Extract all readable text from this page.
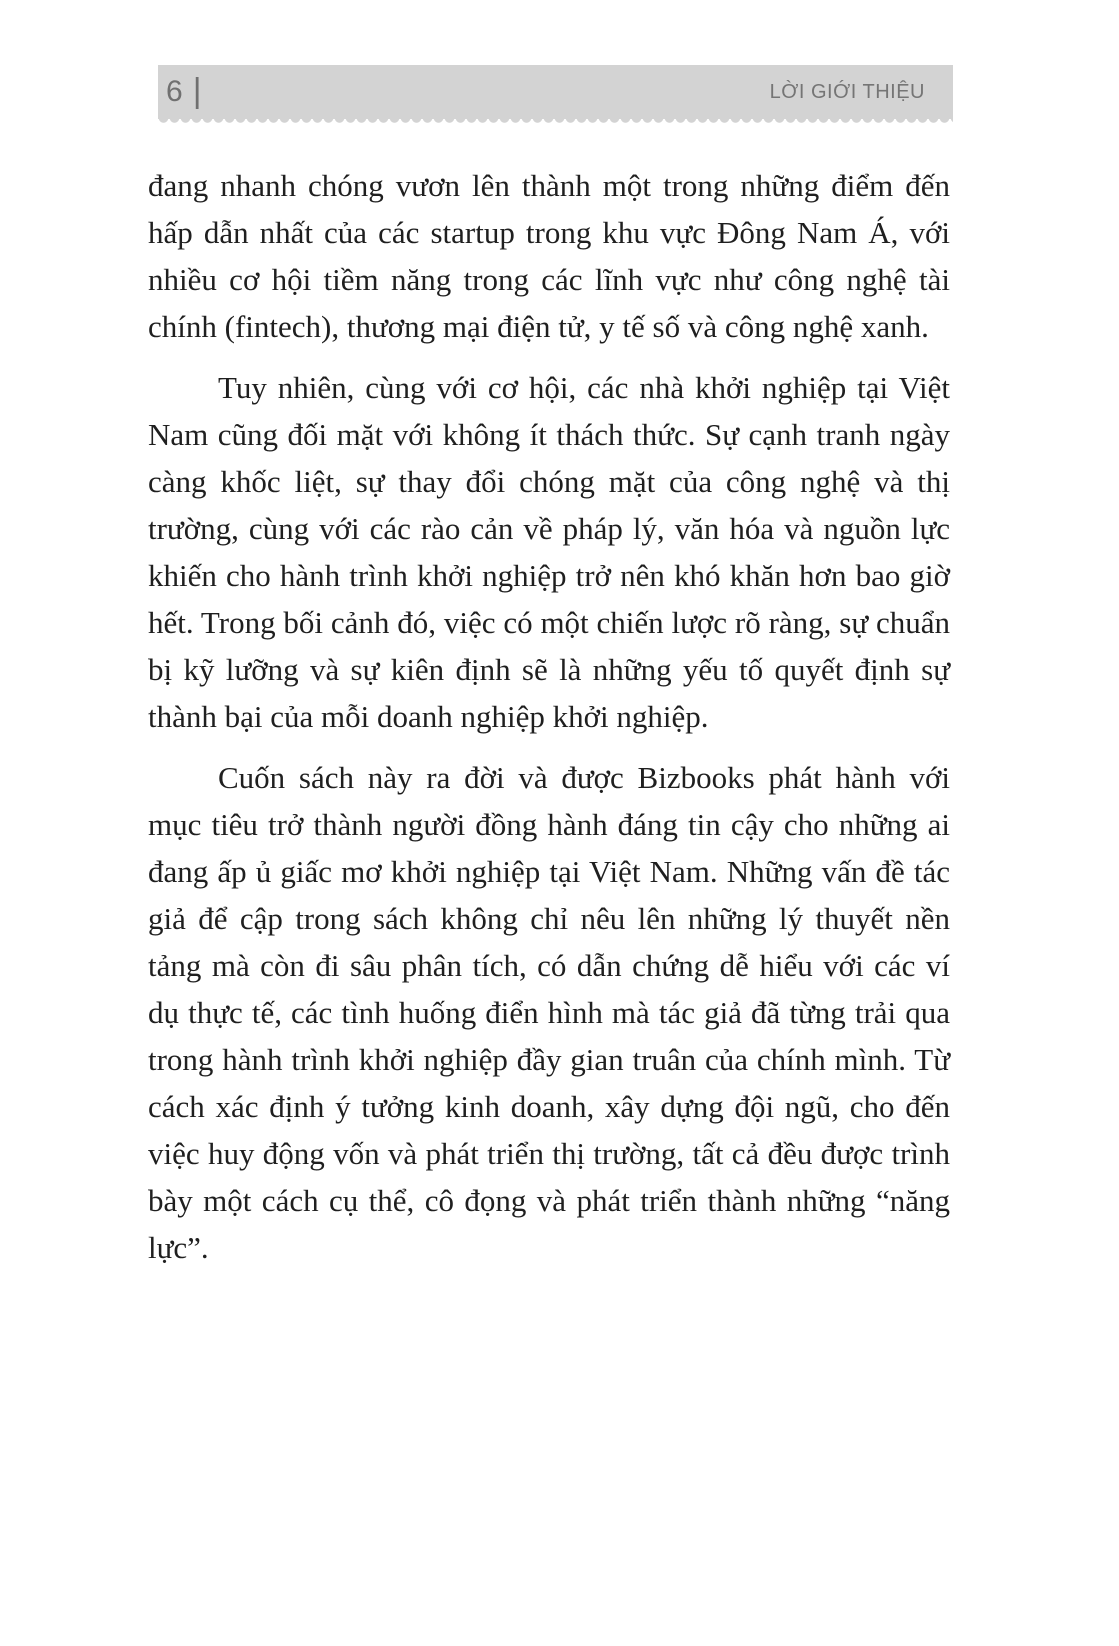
6 |	LỜI GIỚI THIỆU

đang nhanh chóng vươn lên thành một trong những điểm đến hấp dẫn nhất của các startup trong khu vực Đông Nam Á, với nhiều cơ hội tiềm năng trong các lĩnh vực như công nghệ tài chính (fintech), thương mại điện tử, y tế số và công nghệ xanh.

Tuy nhiên, cùng với cơ hội, các nhà khởi nghiệp tại Việt Nam cũng đối mặt với không ít thách thức. Sự cạnh tranh ngày càng khốc liệt, sự thay đổi chóng mặt của công nghệ và thị trường, cùng với các rào cản về pháp lý, văn hóa và nguồn lực khiến cho hành trình khởi nghiệp trở nên khó khăn hơn bao giờ hết. Trong bối cảnh đó, việc có một chiến lược rõ ràng, sự chuẩn bị kỹ lưỡng và sự kiên định sẽ là những yếu tố quyết định sự thành bại của mỗi doanh nghiệp khởi nghiệp.

Cuốn sách này ra đời và được Bizbooks phát hành với mục tiêu trở thành người đồng hành đáng tin cậy cho những ai đang ấp ủ giấc mơ khởi nghiệp tại Việt Nam. Những vấn đề tác giả để cập trong sách không chỉ nêu lên những lý thuyết nền tảng mà còn đi sâu phân tích, có dẫn chứng dễ hiểu với các ví dụ thực tế, các tình huống điển hình mà tác giả đã từng trải qua trong hành trình khởi nghiệp đầy gian truân của chính mình. Từ cách xác định ý tưởng kinh doanh, xây dựng đội ngũ, cho đến việc huy động vốn và phát triển thị trường, tất cả đều được trình bày một cách cụ thể, cô đọng và phát triển thành những “năng lực”.
